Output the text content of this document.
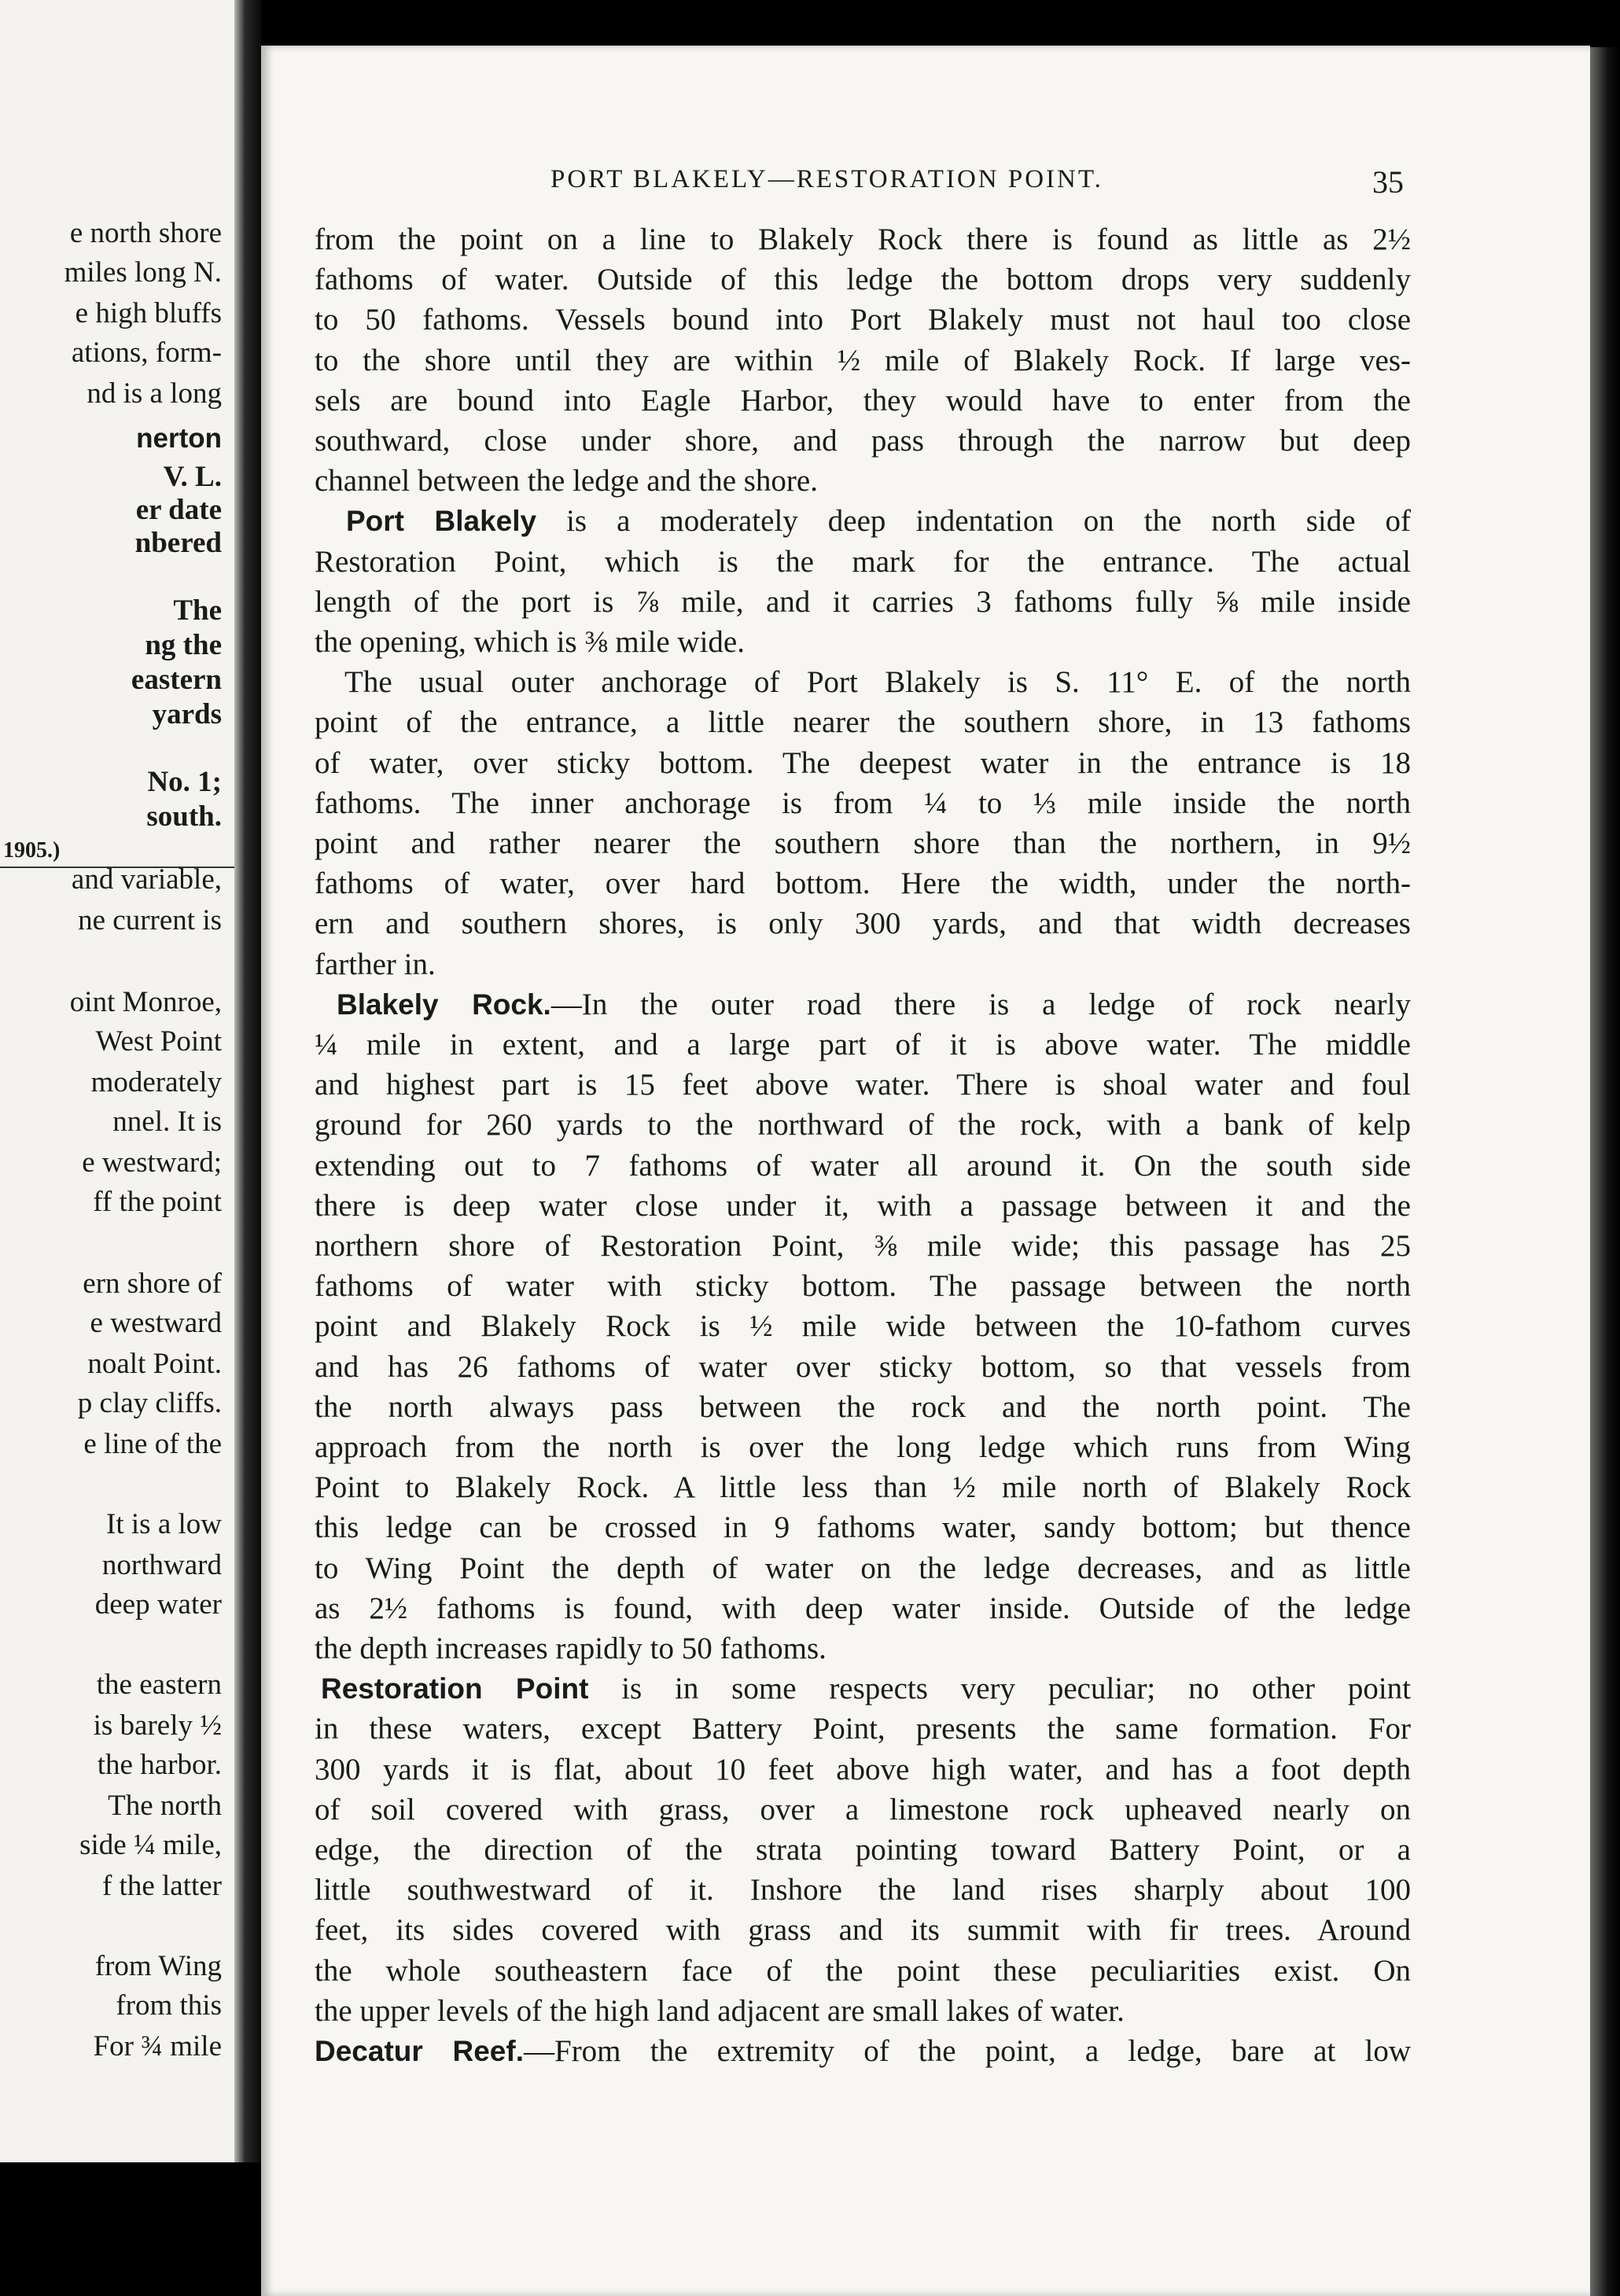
e north shore
miles long N.
e high bluffs
ations, form-
nd is a long
nerton
V. L.
er date
nbered
The
ng the
eastern
yards
No. 1;
south.
1905.)
and variable,
ne current is
oint Monroe,
West Point
moderately
nnel. It is
e westward;
ff the point
ern shore of
e westward
noalt Point.
p clay cliffs.
e line of the
It is a low
northward
deep water
the eastern
is barely ½
the harbor.
The north
side ¼ mile,
f the latter
from Wing
from this
For ¾ mile
PORT BLAKELY—RESTORATION POINT.	35
from the point on a line to Blakely Rock there is found as little as 2½
fathoms of water. Outside of this ledge the bottom drops very suddenly
to 50 fathoms. Vessels bound into Port Blakely must not haul too close
to the shore until they are within ½ mile of Blakely Rock. If large ves-
sels are bound into Eagle Harbor, they would have to enter from the
southward, close under shore, and pass through the narrow but deep
channel between the ledge and the shore.
Port Blakely is a moderately deep indentation on the north side of
Restoration Point, which is the mark for the entrance. The actual
length of the port is ⅞ mile, and it carries 3 fathoms fully ⅝ mile inside
the opening, which is ⅜ mile wide.
The usual outer anchorage of Port Blakely is S. 11° E. of the north
point of the entrance, a little nearer the southern shore, in 13 fathoms
of water, over sticky bottom. The deepest water in the entrance is 18
fathoms. The inner anchorage is from ¼ to ⅓ mile inside the north
point and rather nearer the southern shore than the northern, in 9½
fathoms of water, over hard bottom. Here the width, under the north-
ern and southern shores, is only 300 yards, and that width decreases
farther in.
Blakely Rock.—In the outer road there is a ledge of rock nearly
¼ mile in extent, and a large part of it is above water. The middle
and highest part is 15 feet above water. There is shoal water and foul
ground for 260 yards to the northward of the rock, with a bank of kelp
extending out to 7 fathoms of water all around it. On the south side
there is deep water close under it, with a passage between it and the
northern shore of Restoration Point, ⅜ mile wide; this passage has 25
fathoms of water with sticky bottom. The passage between the north
point and Blakely Rock is ½ mile wide between the 10-fathom curves
and has 26 fathoms of water over sticky bottom, so that vessels from
the north always pass between the rock and the north point. The
approach from the north is over the long ledge which runs from Wing
Point to Blakely Rock. A little less than ½ mile north of Blakely Rock
this ledge can be crossed in 9 fathoms water, sandy bottom; but thence
to Wing Point the depth of water on the ledge decreases, and as little
as 2½ fathoms is found, with deep water inside. Outside of the ledge
the depth increases rapidly to 50 fathoms.
Restoration Point is in some respects very peculiar; no other point
in these waters, except Battery Point, presents the same formation. For
300 yards it is flat, about 10 feet above high water, and has a foot depth
of soil covered with grass, over a limestone rock upheaved nearly on
edge, the direction of the strata pointing toward Battery Point, or a
little southwestward of it. Inshore the land rises sharply about 100
feet, its sides covered with grass and its summit with fir trees. Around
the whole southeastern face of the point these peculiarities exist. On
the upper levels of the high land adjacent are small lakes of water.
Decatur Reef.—From the extremity of the point, a ledge, bare at low
